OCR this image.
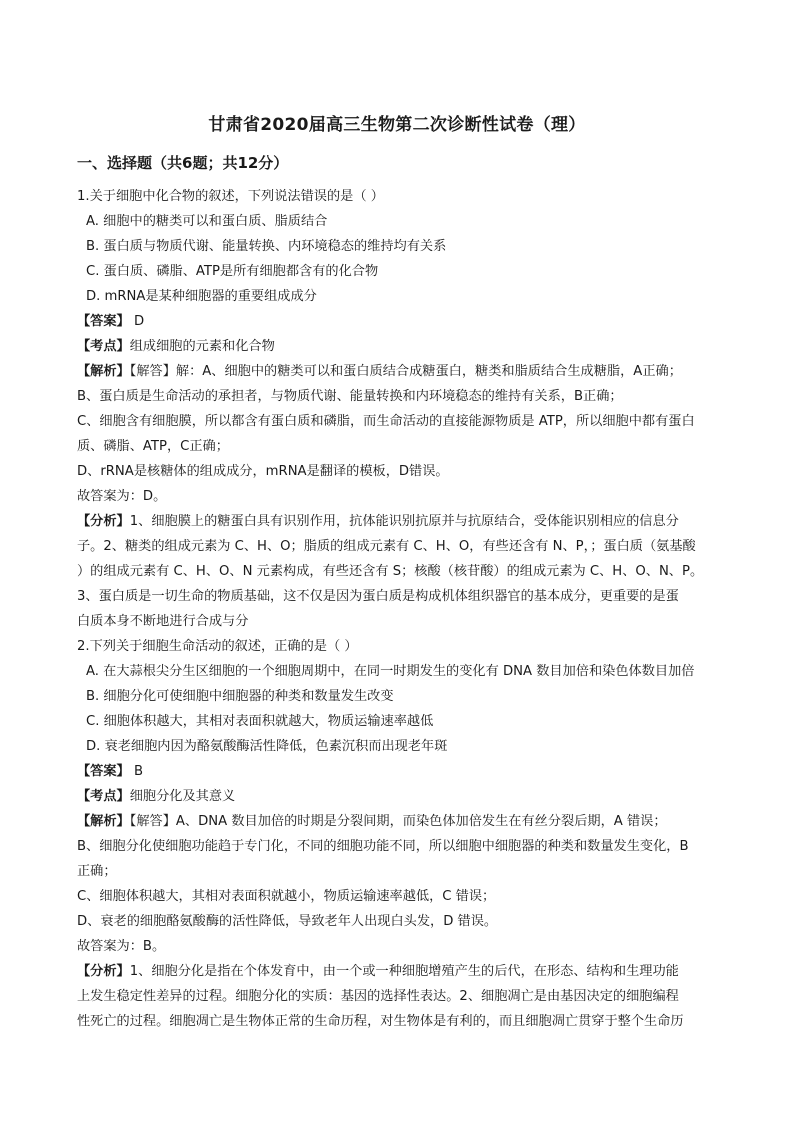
甘肃省2020届高三生物第二次诊断性试卷（理）
一、选择题（共6题；共12分）
1.关于细胞中化合物的叙述，下列说法错误的是（ ）
A. 细胞中的糖类可以和蛋白质、脂质结合
B. 蛋白质与物质代谢、能量转换、内环境稳态的维持均有关系
C. 蛋白质、磷脂、ATP是所有细胞都含有的化合物
D. mRNA是某种细胞器的重要组成成分
【答案】 D
【考点】组成细胞的元素和化合物
【解析】【解答】解：A、细胞中的糖类可以和蛋白质结合成糖蛋白，糖类和脂质结合生成糖脂，A正确；
B、蛋白质是生命活动的承担者，与物质代谢、能量转换和内环境稳态的维持有关系，B正确；
C、细胞含有细胞膜，所以都含有蛋白质和磷脂，而生命活动的直接能源物质是 ATP，所以细胞中都有蛋白
质、磷脂、ATP，C正确；
D、rRNA是核糖体的组成成分，mRNA是翻译的模板，D错误。
故答案为：D。
【分析】1、细胞膜上的糖蛋白具有识别作用，抗体能识别抗原并与抗原结合，受体能识别相应的信息分
子。2、糖类的组成元素为 C、H、O；脂质的组成元素有 C、H、O，有些还含有 N、P，；蛋白质（氨基酸
）的组成元素有 C、H、O、N 元素构成，有些还含有 S；核酸（核苷酸）的组成元素为 C、H、O、N、P。
3、蛋白质是一切生命的物质基础，这不仅是因为蛋白质是构成机体组织器官的基本成分，更重要的是蛋
白质本身不断地进行合成与分
2.下列关于细胞生命活动的叙述，正确的是（ ）
A. 在大蒜根尖分生区细胞的一个细胞周期中，在同一时期发生的变化有 DNA 数目加倍和染色体数目加倍
B. 细胞分化可使细胞中细胞器的种类和数量发生改变
C. 细胞体积越大，其相对表面积就越大，物质运输速率越低
D. 衰老细胞内因为酪氨酸酶活性降低，色素沉积而出现老年斑
【答案】 B
【考点】细胞分化及其意义
【解析】【解答】A、DNA 数目加倍的时期是分裂间期，而染色体加倍发生在有丝分裂后期，A 错误；
B、细胞分化使细胞功能趋于专门化，不同的细胞功能不同，所以细胞中细胞器的种类和数量发生变化，B
正确；
C、细胞体积越大，其相对表面积就越小，物质运输速率越低，C 错误；
D、衰老的细胞酪氨酸酶的活性降低，导致老年人出现白头发，D 错误。
故答案为：B。
【分析】1、细胞分化是指在个体发育中，由一个或一种细胞增殖产生的后代，在形态、结构和生理功能
上发生稳定性差异的过程。细胞分化的实质：基因的选择性表达。2、细胞凋亡是由基因决定的细胞编程
性死亡的过程。细胞凋亡是生物体正常的生命历程，对生物体是有利的，而且细胞凋亡贯穿于整个生命历
